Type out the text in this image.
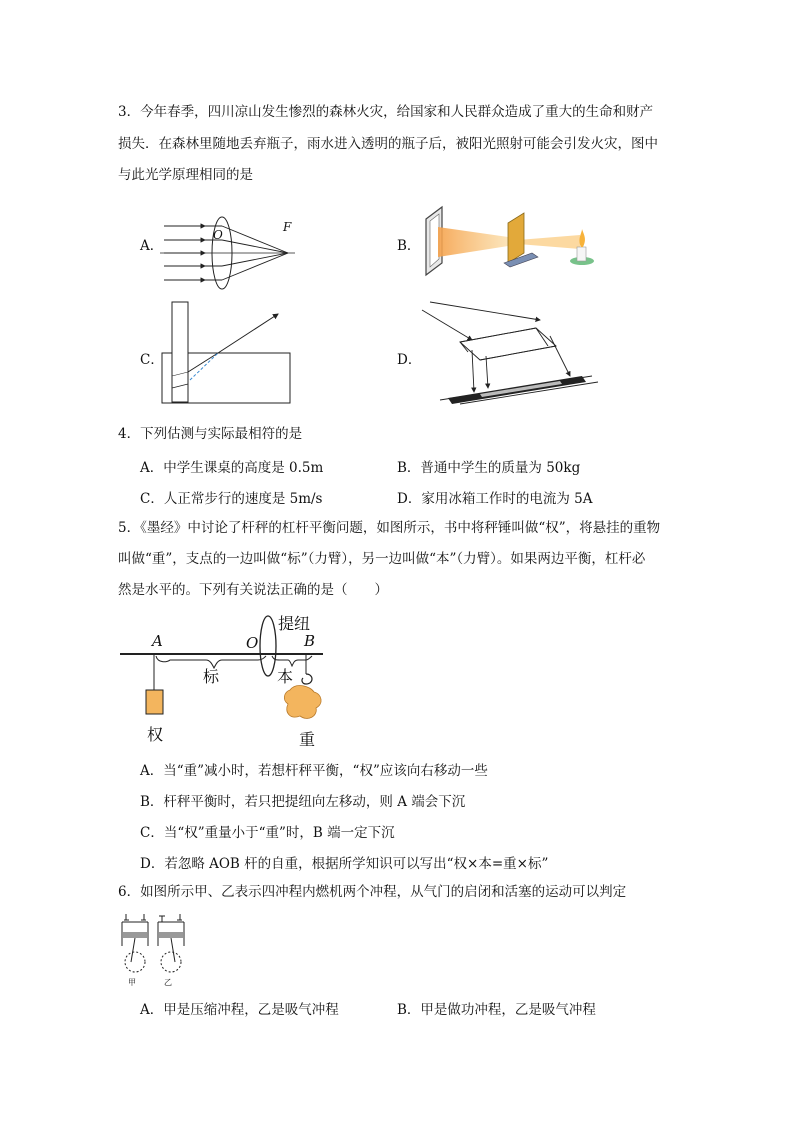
3．今年春季，四川凉山发生惨烈的森林火灾，给国家和人民群众造成了重大的生命和财产
损失．在森林里随地丢弃瓶子，雨水进入透明的瓶子后，被阳光照射可能会引发火灾，图中
与此光学原理相同的是
A．
O
F
B．
C．	D．
4．下列估测与实际最相符的是
A．中学生课桌的高度是 0.5m	B．普通中学生的质量为 50kg
C．人正常步行的速度是 5m/s	D．家用冰箱工作时的电流为 5A
5．《墨经》中讨论了杆秤的杠杆平衡问题，如图所示，书中将秤锤叫做“权”，将悬挂的重物
叫做“重”，支点的一边叫做“标”（力臂），另一边叫做“本”（力臂）。如果两边平衡，杠杆必
然是水平的。下列有关说法正确的是（　　）
A	O	B
提纽
标	本
权	重
A．当“重”减小时，若想杆秤平衡，“权”应该向右移动一些
B．杆秤平衡时，若只把提纽向左移动，则 A 端会下沉
C．当“权”重量小于“重”时，B 端一定下沉
D．若忽略 AOB 杆的自重，根据所学知识可以写出“权×本=重×标”
6．如图所示甲、乙表示四冲程内燃机两个冲程，从气门的启闭和活塞的运动可以判定
甲	乙
A．甲是压缩冲程，乙是吸气冲程	B．甲是做功冲程，乙是吸气冲程
